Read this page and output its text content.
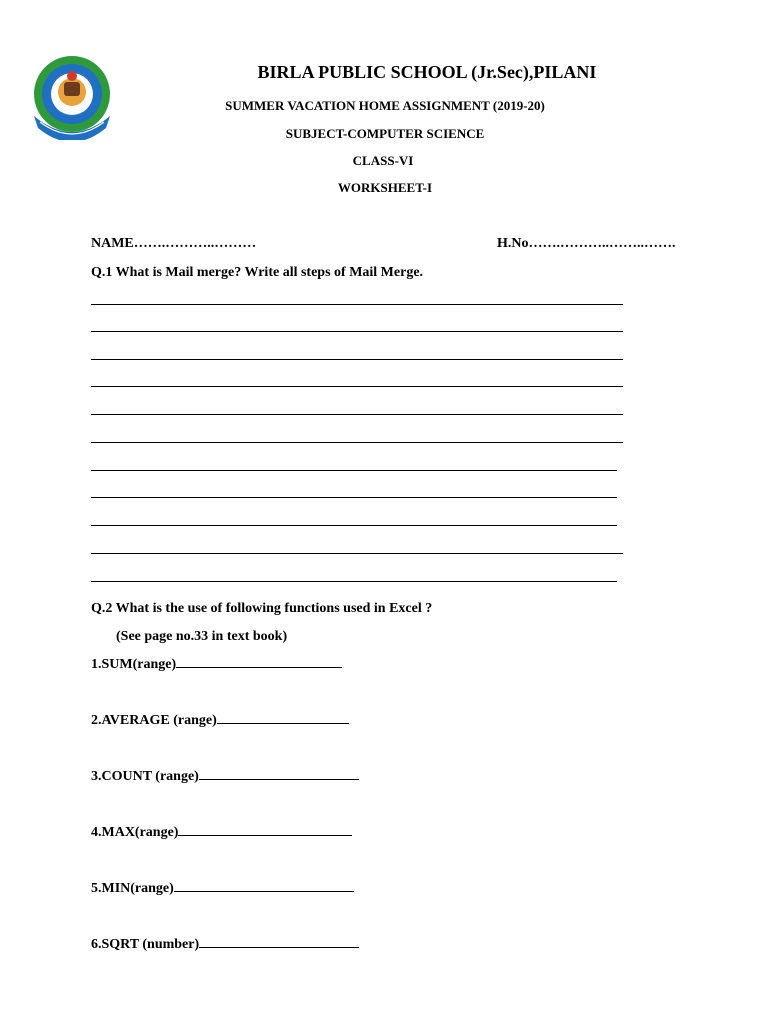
BIRLA PUBLIC SCHOOL (Jr.Sec),PILANI
SUMMER VACATION HOME ASSIGNMENT (2019-20)
SUBJECT-COMPUTER SCIENCE
CLASS-VI
WORKSHEET-I
NAME…….………..………	H.No…….………..……..…….
Q.1 What is Mail merge? Write all steps of Mail Merge.
Q.2 What is the use of following functions used in Excel ?
(See page no.33 in text book)
1.SUM(range)
2.AVERAGE (range)
3.COUNT (range)
4.MAX(range)
5.MIN(range)
6.SQRT (number)
